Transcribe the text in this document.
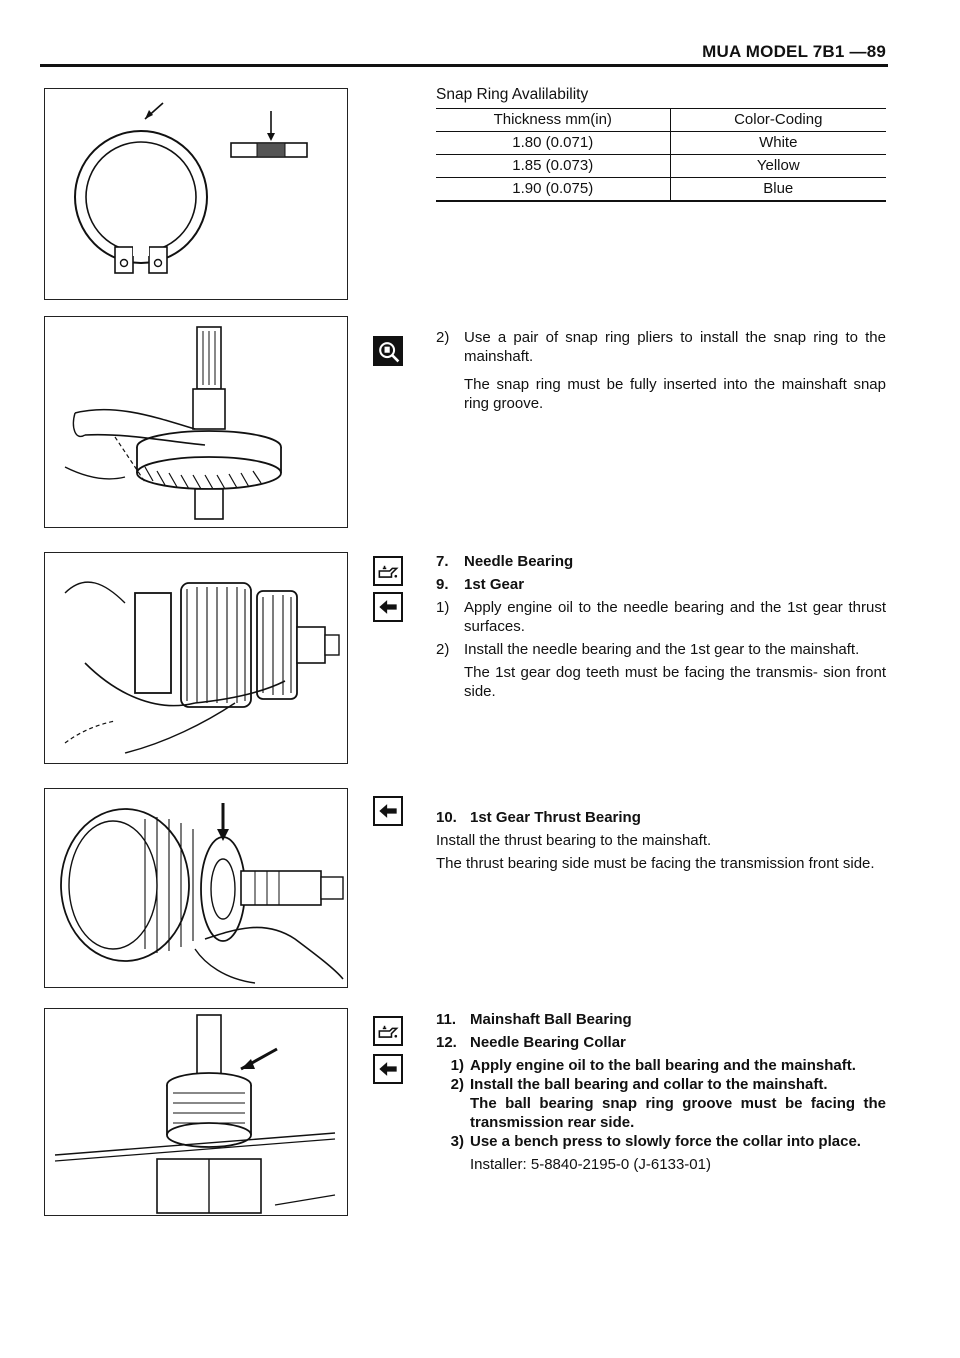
MUA MODEL 7B1 —89
Snap Ring Avalilability
Thickness mm(in)	Color-Coding
1.80 (0.071)	White
1.85 (0.073)	Yellow
1.90 (0.075)	Blue
2) Use a pair of snap ring pliers to install the snap ring to the mainshaft.

The snap ring must be fully inserted into the mainshaft snap ring groove.

7.	Needle Bearing
9.	1st Gear
1) Apply engine oil to the needle bearing and the 1st gear thrust surfaces.
2) Install the needle bearing and the 1st gear to the mainshaft.

The 1st gear dog teeth must be facing the transmis- sion front side.

10. 1st Gear Thrust Bearing

Install the thrust bearing to the mainshaft.

The thrust bearing side must be facing the transmission front side.

11. Mainshaft Ball Bearing
12. Needle Bearing Collar
1) Apply engine oil to the ball bearing and the mainshaft.
2) Install the ball bearing and collar to the mainshaft.

The ball bearing snap ring groove must be facing the transmission rear side.

3) Use a bench press to slowly force the collar into place.

Installer: 5-8840-2195-0 (J-6133-01)
